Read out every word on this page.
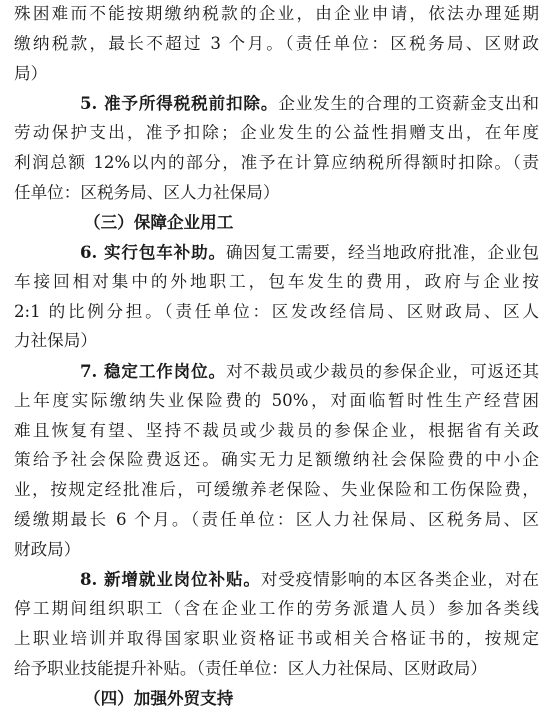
殊困难而不能按期缴纳税款的企业，由企业申请，依法办理延期
缴纳税款，最长不超过 3 个月。（责任单位：区税务局、区财政
局）
5. 准予所得税税前扣除。企业发生的合理的工资薪金支出和
劳动保护支出，准予扣除；企业发生的公益性捐赠支出，在年度
利润总额 12%以内的部分，准予在计算应纳税所得额时扣除。（责
任单位：区税务局、区人力社保局）
（三）保障企业用工
6. 实行包车补助。确因复工需要，经当地政府批准，企业包
车接回相对集中的外地职工，包车发生的费用，政府与企业按
2:1 的比例分担。（责任单位：区发改经信局、区财政局、区人
力社保局）
7. 稳定工作岗位。对不裁员或少裁员的参保企业，可返还其
上年度实际缴纳失业保险费的 50%，对面临暂时性生产经营困
难且恢复有望、坚持不裁员或少裁员的参保企业，根据省有关政
策给予社会保险费返还。确实无力足额缴纳社会保险费的中小企
业，按规定经批准后，可缓缴养老保险、失业保险和工伤保险费，
缓缴期最长 6 个月。（责任单位：区人力社保局、区税务局、区
财政局）
8. 新增就业岗位补贴。对受疫情影响的本区各类企业，对在
停工期间组织职工（含在企业工作的劳务派遣人员）参加各类线
上职业培训并取得国家职业资格证书或相关合格证书的，按规定
给予职业技能提升补贴。（责任单位：区人力社保局、区财政局）
（四）加强外贸支持
